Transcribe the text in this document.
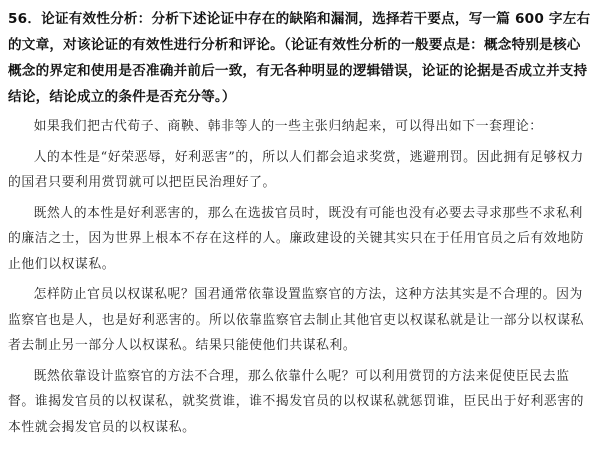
56．论证有效性分析：分析下述论证中存在的缺陷和漏洞，选择若干要点，写一篇 600 字左右的文章，对该论证的有效性进行分析和评论。（论证有效性分析的一般要点是：概念特别是核心概念的界定和使用是否准确并前后一致，有无各种明显的逻辑错误，论证的论据是否成立并支持结论，结论成立的条件是否充分等。）

如果我们把古代荀子、商鞅、韩非等人的一些主张归纳起来，可以得出如下一套理论：

人的本性是“好荣恶辱，好利恶害”的，所以人们都会追求奖赏，逃避刑罚。因此拥有足够权力的国君只要利用赏罚就可以把臣民治理好了。

既然人的本性是好利恶害的，那么在选拔官员时，既没有可能也没有必要去寻求那些不求私利的廉洁之士，因为世界上根本不存在这样的人。廉政建设的关键其实只在于任用官员之后有效地防止他们以权谋私。

怎样防止官员以权谋私呢？国君通常依靠设置监察官的方法，这种方法其实是不合理的。因为监察官也是人，也是好利恶害的。所以依靠监察官去制止其他官吏以权谋私就是让一部分以权谋私者去制止另一部分人以权谋私。结果只能使他们共谋私利。

既然依靠设计监察官的方法不合理，那么依靠什么呢？可以利用赏罚的方法来促使臣民去监督。谁揭发官员的以权谋私，就奖赏谁，谁不揭发官员的以权谋私就惩罚谁，臣民出于好利恶害的本性就会揭发官员的以权谋私。
